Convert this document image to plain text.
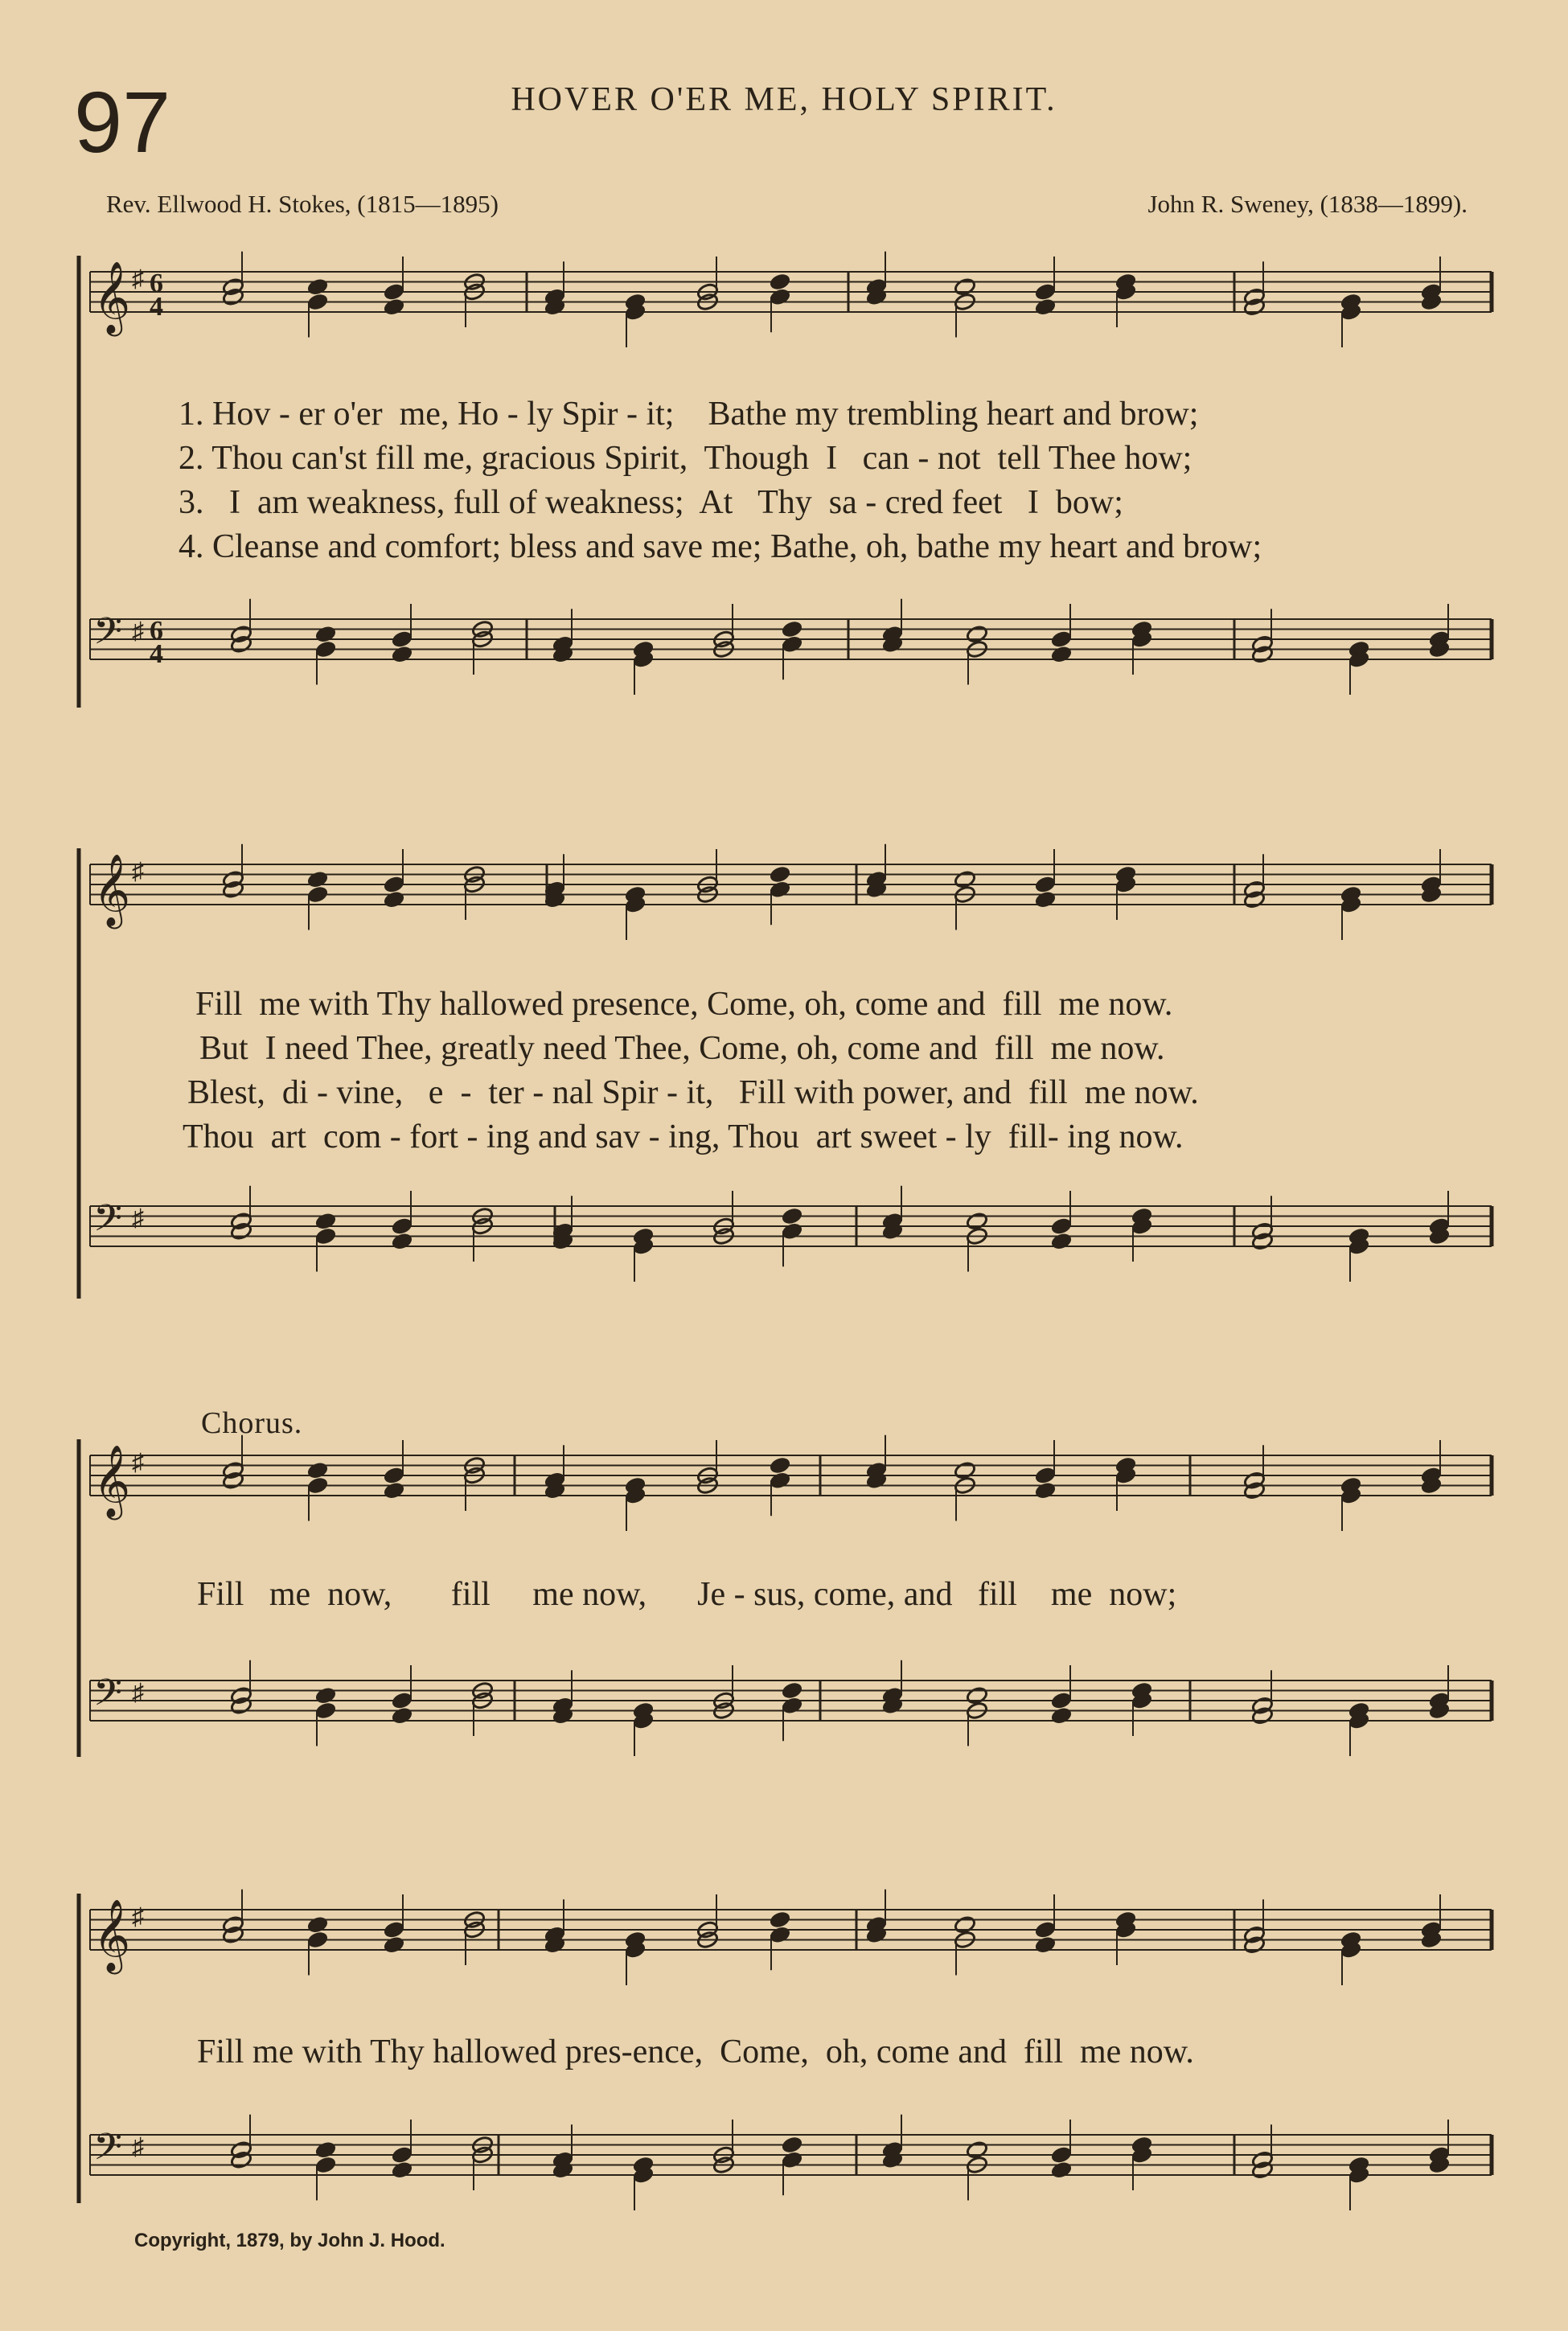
97	HOVER O'ER ME, HOLY SPIRIT.
Rev. Ellwood H. Stokes, (1815—1895)	John R. Sweney, (1838—1899).
𝄞 ♯ 6
4
𝄢 ♯ 6
4
𝄞 ♯
𝄢 ♯
𝄞 ♯
𝄢 ♯
𝄞 ♯
𝄢 ♯
1. Hov - er o'er  me, Ho - ly Spir - it;    Bathe my trembling heart and brow;
2. Thou can'st fill me, gracious Spirit,  Though  I   can - not  tell Thee how;
3.   I  am weakness, full of weakness;  At   Thy  sa - cred feet   I  bow;
4. Cleanse and comfort; bless and save me; Bathe, oh, bathe my heart and brow;
Fill  me with Thy hallowed presence, Come, oh, come and  fill  me now.
But  I need Thee, greatly need Thee, Come, oh, come and  fill  me now.
Blest,  di - vine,   e  -  ter - nal Spir - it,   Fill with power, and  fill  me now.
Thou  art  com - fort - ing and sav - ing, Thou  art sweet - ly  fill- ing now.
Chorus.
Fill   me  now,       fill     me now,      Je - sus, come, and   fill    me  now;
Fill me with Thy hallowed pres-ence,  Come,  oh, come and  fill  me now.
Copyright, 1879, by John J. Hood.
